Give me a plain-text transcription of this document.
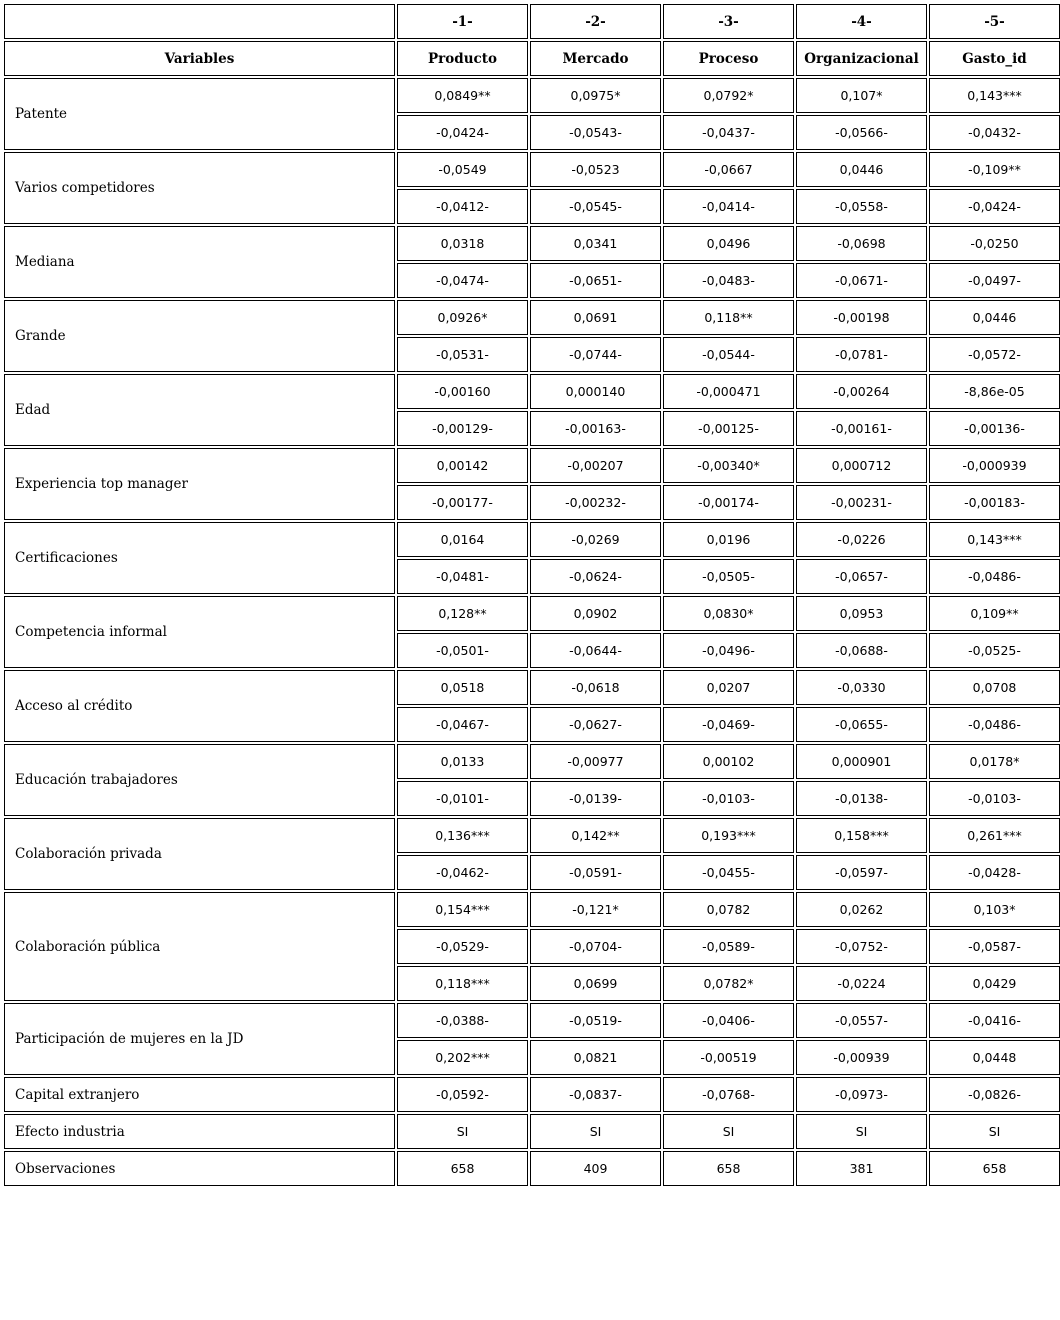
	-1-	-2-	-3-	-4-	-5-
Variables	Producto	Mercado	Proceso	Organizacional	Gasto_id
Patente	0,0849**	0,0975*	0,0792*	0,107*	0,143***
	-0,0424-	-0,0543-	-0,0437-	-0,0566-	-0,0432-
Varios competidores	-0,0549	-0,0523	-0,0667	0,0446	-0,109**
	-0,0412-	-0,0545-	-0,0414-	-0,0558-	-0,0424-
Mediana	0,0318	0,0341	0,0496	-0,0698	-0,0250
	-0,0474-	-0,0651-	-0,0483-	-0,0671-	-0,0497-
Grande	0,0926*	0,0691	0,118**	-0,00198	0,0446
	-0,0531-	-0,0744-	-0,0544-	-0,0781-	-0,0572-
Edad	-0,00160	0,000140	-0,000471	-0,00264	-8,86e-05
	-0,00129-	-0,00163-	-0,00125-	-0,00161-	-0,00136-
Experiencia top manager	0,00142	-0,00207	-0,00340*	0,000712	-0,000939
	-0,00177-	-0,00232-	-0,00174-	-0,00231-	-0,00183-
Certificaciones	0,0164	-0,0269	0,0196	-0,0226	0,143***
	-0,0481-	-0,0624-	-0,0505-	-0,0657-	-0,0486-
Competencia informal	0,128**	0,0902	0,0830*	0,0953	0,109**
	-0,0501-	-0,0644-	-0,0496-	-0,0688-	-0,0525-
Acceso al crédito	0,0518	-0,0618	0,0207	-0,0330	0,0708
	-0,0467-	-0,0627-	-0,0469-	-0,0655-	-0,0486-
Educación trabajadores	0,0133	-0,00977	0,00102	0,000901	0,0178*
	-0,0101-	-0,0139-	-0,0103-	-0,0138-	-0,0103-
Colaboración privada	0,136***	0,142**	0,193***	0,158***	0,261***
	-0,0462-	-0,0591-	-0,0455-	-0,0597-	-0,0428-
Colaboración pública	0,154***	-0,121*	0,0782	0,0262	0,103*
	-0,0529-	-0,0704-	-0,0589-	-0,0752-	-0,0587-
	0,118***	0,0699	0,0782*	-0,0224	0,0429
Participación de mujeres en la JD	-0,0388-	-0,0519-	-0,0406-	-0,0557-	-0,0416-
	0,202***	0,0821	-0,00519	-0,00939	0,0448
Capital extranjero	-0,0592-	-0,0837-	-0,0768-	-0,0973-	-0,0826-
Efecto industria	SI	SI	SI	SI	SI
Observaciones	658	409	658	381	658
